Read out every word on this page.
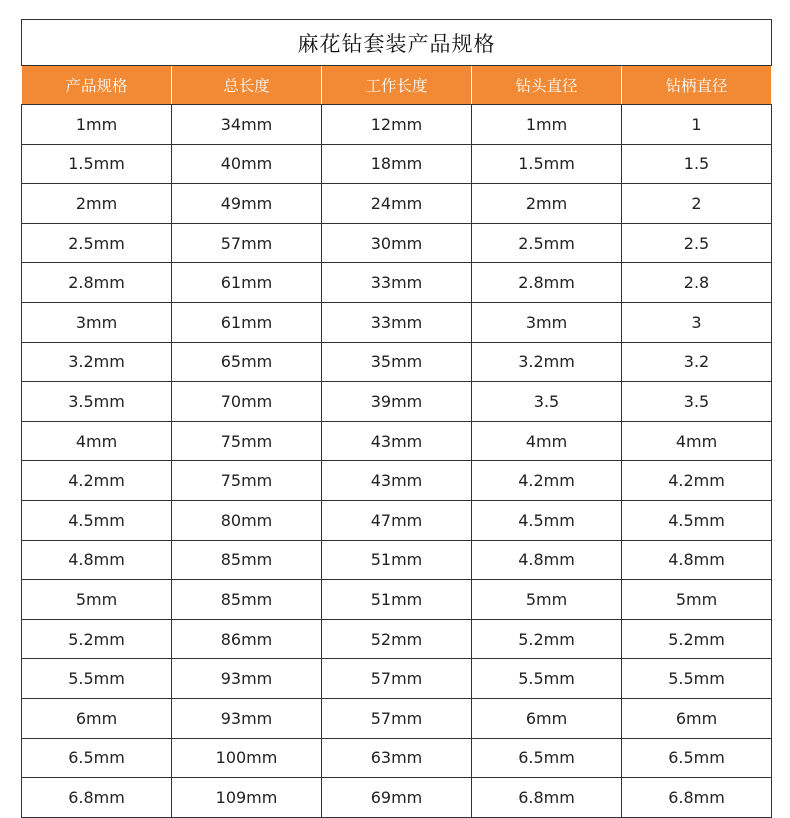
麻花钻套装产品规格				
产品规格	总长度	工作长度	钻头直径	钻柄直径
1mm	34mm	12mm	1mm	1
1.5mm	40mm	18mm	1.5mm	1.5
2mm	49mm	24mm	2mm	2
2.5mm	57mm	30mm	2.5mm	2.5
2.8mm	61mm	33mm	2.8mm	2.8
3mm	61mm	33mm	3mm	3
3.2mm	65mm	35mm	3.2mm	3.2
3.5mm	70mm	39mm	3.5	3.5
4mm	75mm	43mm	4mm	4mm
4.2mm	75mm	43mm	4.2mm	4.2mm
4.5mm	80mm	47mm	4.5mm	4.5mm
4.8mm	85mm	51mm	4.8mm	4.8mm
5mm	85mm	51mm	5mm	5mm
5.2mm	86mm	52mm	5.2mm	5.2mm
5.5mm	93mm	57mm	5.5mm	5.5mm
6mm	93mm	57mm	6mm	6mm
6.5mm	100mm	63mm	6.5mm	6.5mm
6.8mm	109mm	69mm	6.8mm	6.8mm
